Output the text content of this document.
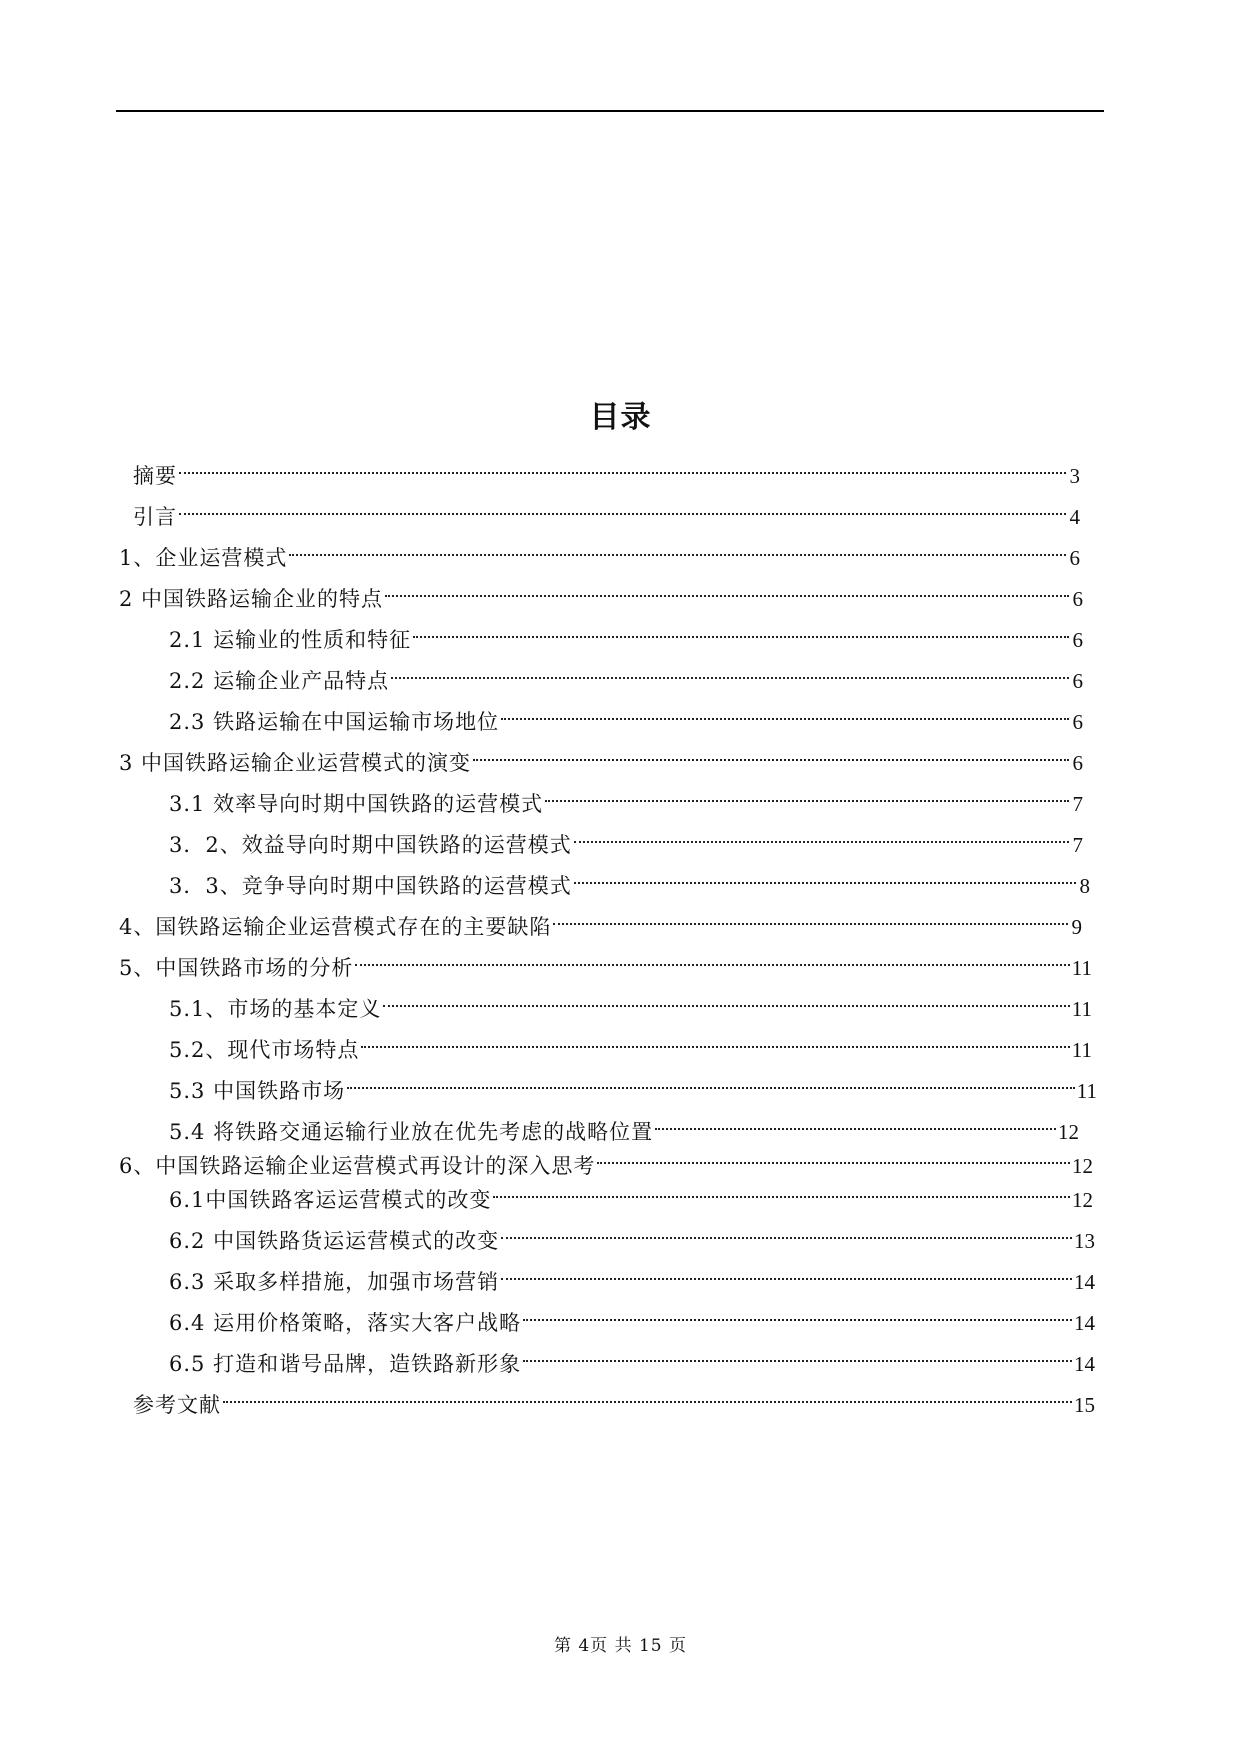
目录
摘要	3
引言	4
1、企业运营模式	6
2 中国铁路运输企业的特点	6
2.1 运输业的性质和特征	6
2.2 运输企业产品特点	6
2.3 铁路运输在中国运输市场地位	6
3 中国铁路运输企业运营模式的演变	6
3.1 效率导向时期中国铁路的运营模式	7
3．2、效益导向时期中国铁路的运营模式	7
3．3、竞争导向时期中国铁路的运营模式	8
4、国铁路运输企业运营模式存在的主要缺陷	9
5、中国铁路市场的分析	11
5.1、市场的基本定义	11
5.2、现代市场特点	11
5.3 中国铁路市场	11
5.4 将铁路交通运输行业放在优先考虑的战略位置	12
6、中国铁路运输企业运营模式再设计的深入思考	12
6.1中国铁路客运运营模式的改变	12
6.2 中国铁路货运运营模式的改变	13
6.3 采取多样措施，加强市场营销	14
6.4 运用价格策略，落实大客户战略	14
6.5 打造和谐号品牌，造铁路新形象	14
参考文献	15
第 4页 共 15 页
